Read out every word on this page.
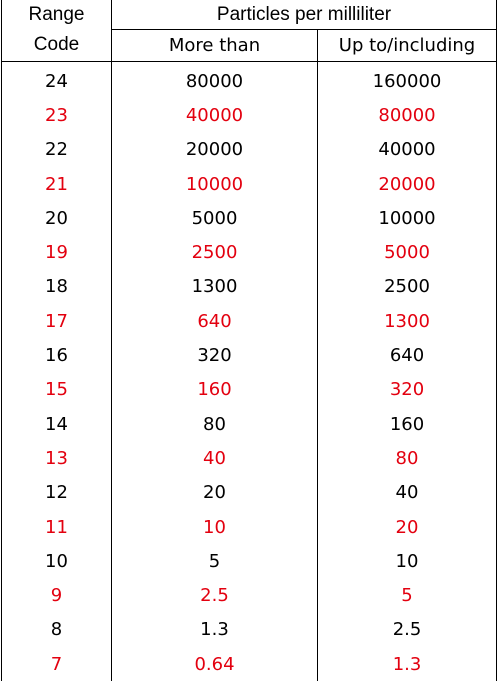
Range	Particles per milliliter	
Code	More than	Up to/including
24	80000	160000
23	40000	80000
22	20000	40000
21	10000	20000
20	5000	10000
19	2500	5000
18	1300	2500
17	640	1300
16	320	640
15	160	320
14	80	160
13	40	80
12	20	40
11	10	20
10	5	10
9	2.5	5
8	1.3	2.5
7	0.64	1.3
